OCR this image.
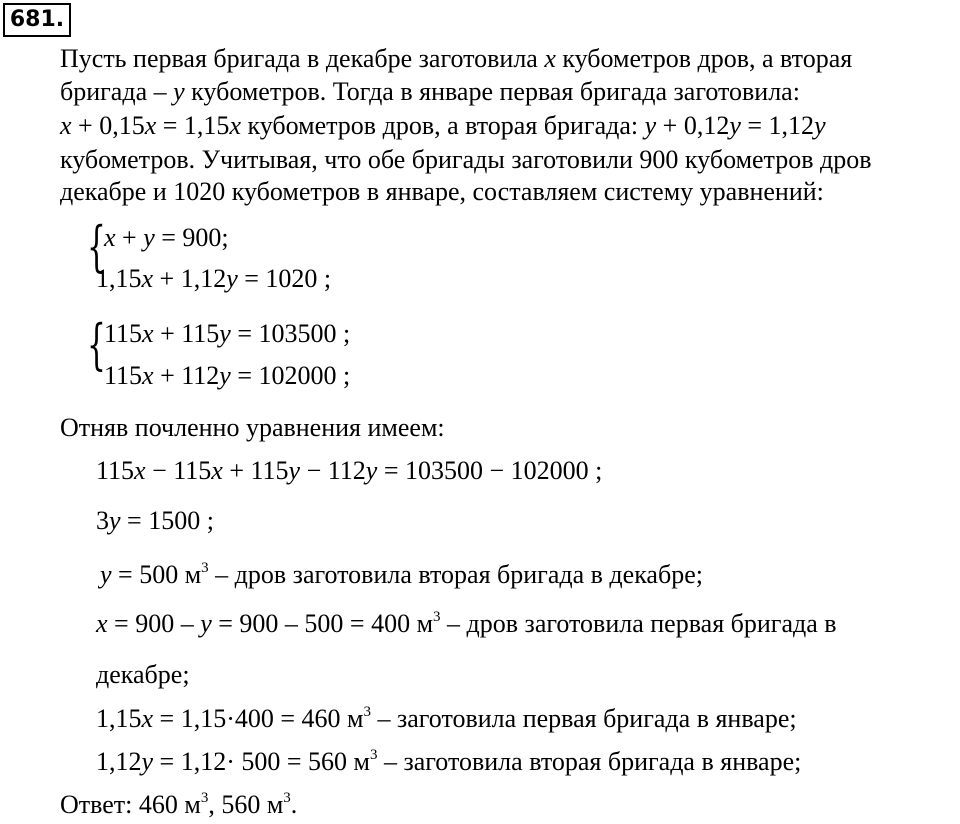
681.
Пусть первая бригада в декабре заготовила x кубометров дров, а вторая
бригада – y кубометров. Тогда в январе первая бригада заготовила:
x + 0,15x = 1,15x кубометров дров, а вторая бригада: y + 0,12y = 1,12y
кубометров. Учитывая, что обе бригады заготовили 900 кубометров дров
декабре и 1020 кубометров в январе, составляем систему уравнений:
{
x + y = 900;
1,15x + 1,12y = 1020 ;
{
115x + 115y = 103500 ;
115x + 112y = 102000 ;
Отняв почленно уравнения имеем:
115x − 115x + 115y − 112y = 103500 − 102000 ;
3y = 1500 ;
y = 500 $м^3$ – дров заготовила вторая бригада в декабре;
x = 900 – y = 900 – 500 = 400 $м^3$ – дров заготовила первая бригада в
декабре;
1,15x = 1,15·400 = 460 $м^3$ – заготовила первая бригада в январе;
1,12y = 1,12· 500 = 560 $м^3$ – заготовила вторая бригада в январе;
Ответ: 460 $м^3$, 560 $м^3$.
